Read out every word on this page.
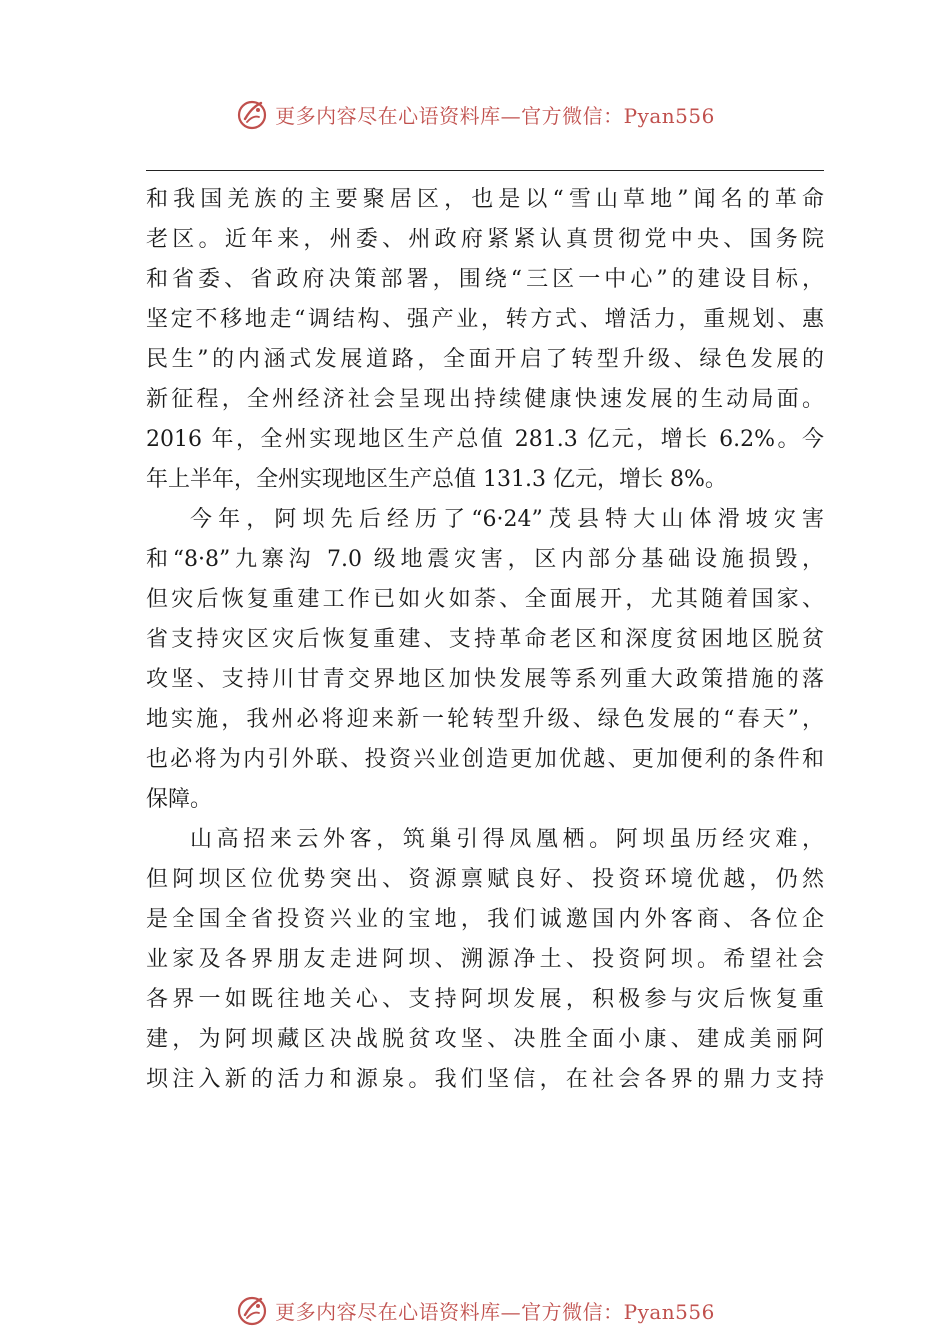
更多内容尽在心语资料库—官方微信：Pyan556
和我国羌族的主要聚居区，也是以“雪山草地”闻名的革命
老区。近年来，州委、州政府紧紧认真贯彻党中央、国务院
和省委、省政府决策部署，围绕“三区一中心”的建设目标，
坚定不移地走“调结构、强产业，转方式、增活力，重规划、惠
民生”的内涵式发展道路，全面开启了转型升级、绿色发展的
新征程，全州经济社会呈现出持续健康快速发展的生动局面。
2016 年，全州实现地区生产总值 281.3 亿元，增长 6.2%。今
年上半年，全州实现地区生产总值 131.3 亿元，增长 8%。
今年，阿坝先后经历了“6·24”茂县特大山体滑坡灾害
和“8·8”九寨沟 7.0 级地震灾害，区内部分基础设施损毁，
但灾后恢复重建工作已如火如荼、全面展开，尤其随着国家、
省支持灾区灾后恢复重建、支持革命老区和深度贫困地区脱贫
攻坚、支持川甘青交界地区加快发展等系列重大政策措施的落
地实施，我州必将迎来新一轮转型升级、绿色发展的“春天”，
也必将为内引外联、投资兴业创造更加优越、更加便利的条件和
保障。
山高招来云外客，筑巢引得凤凰栖。阿坝虽历经灾难，
但阿坝区位优势突出、资源禀赋良好、投资环境优越，仍然
是全国全省投资兴业的宝地，我们诚邀国内外客商、各位企
业家及各界朋友走进阿坝、溯源净土、投资阿坝。希望社会
各界一如既往地关心、支持阿坝发展，积极参与灾后恢复重
建，为阿坝藏区决战脱贫攻坚、决胜全面小康、建成美丽阿
坝注入新的活力和源泉。我们坚信，在社会各界的鼎力支持
更多内容尽在心语资料库—官方微信：Pyan556
